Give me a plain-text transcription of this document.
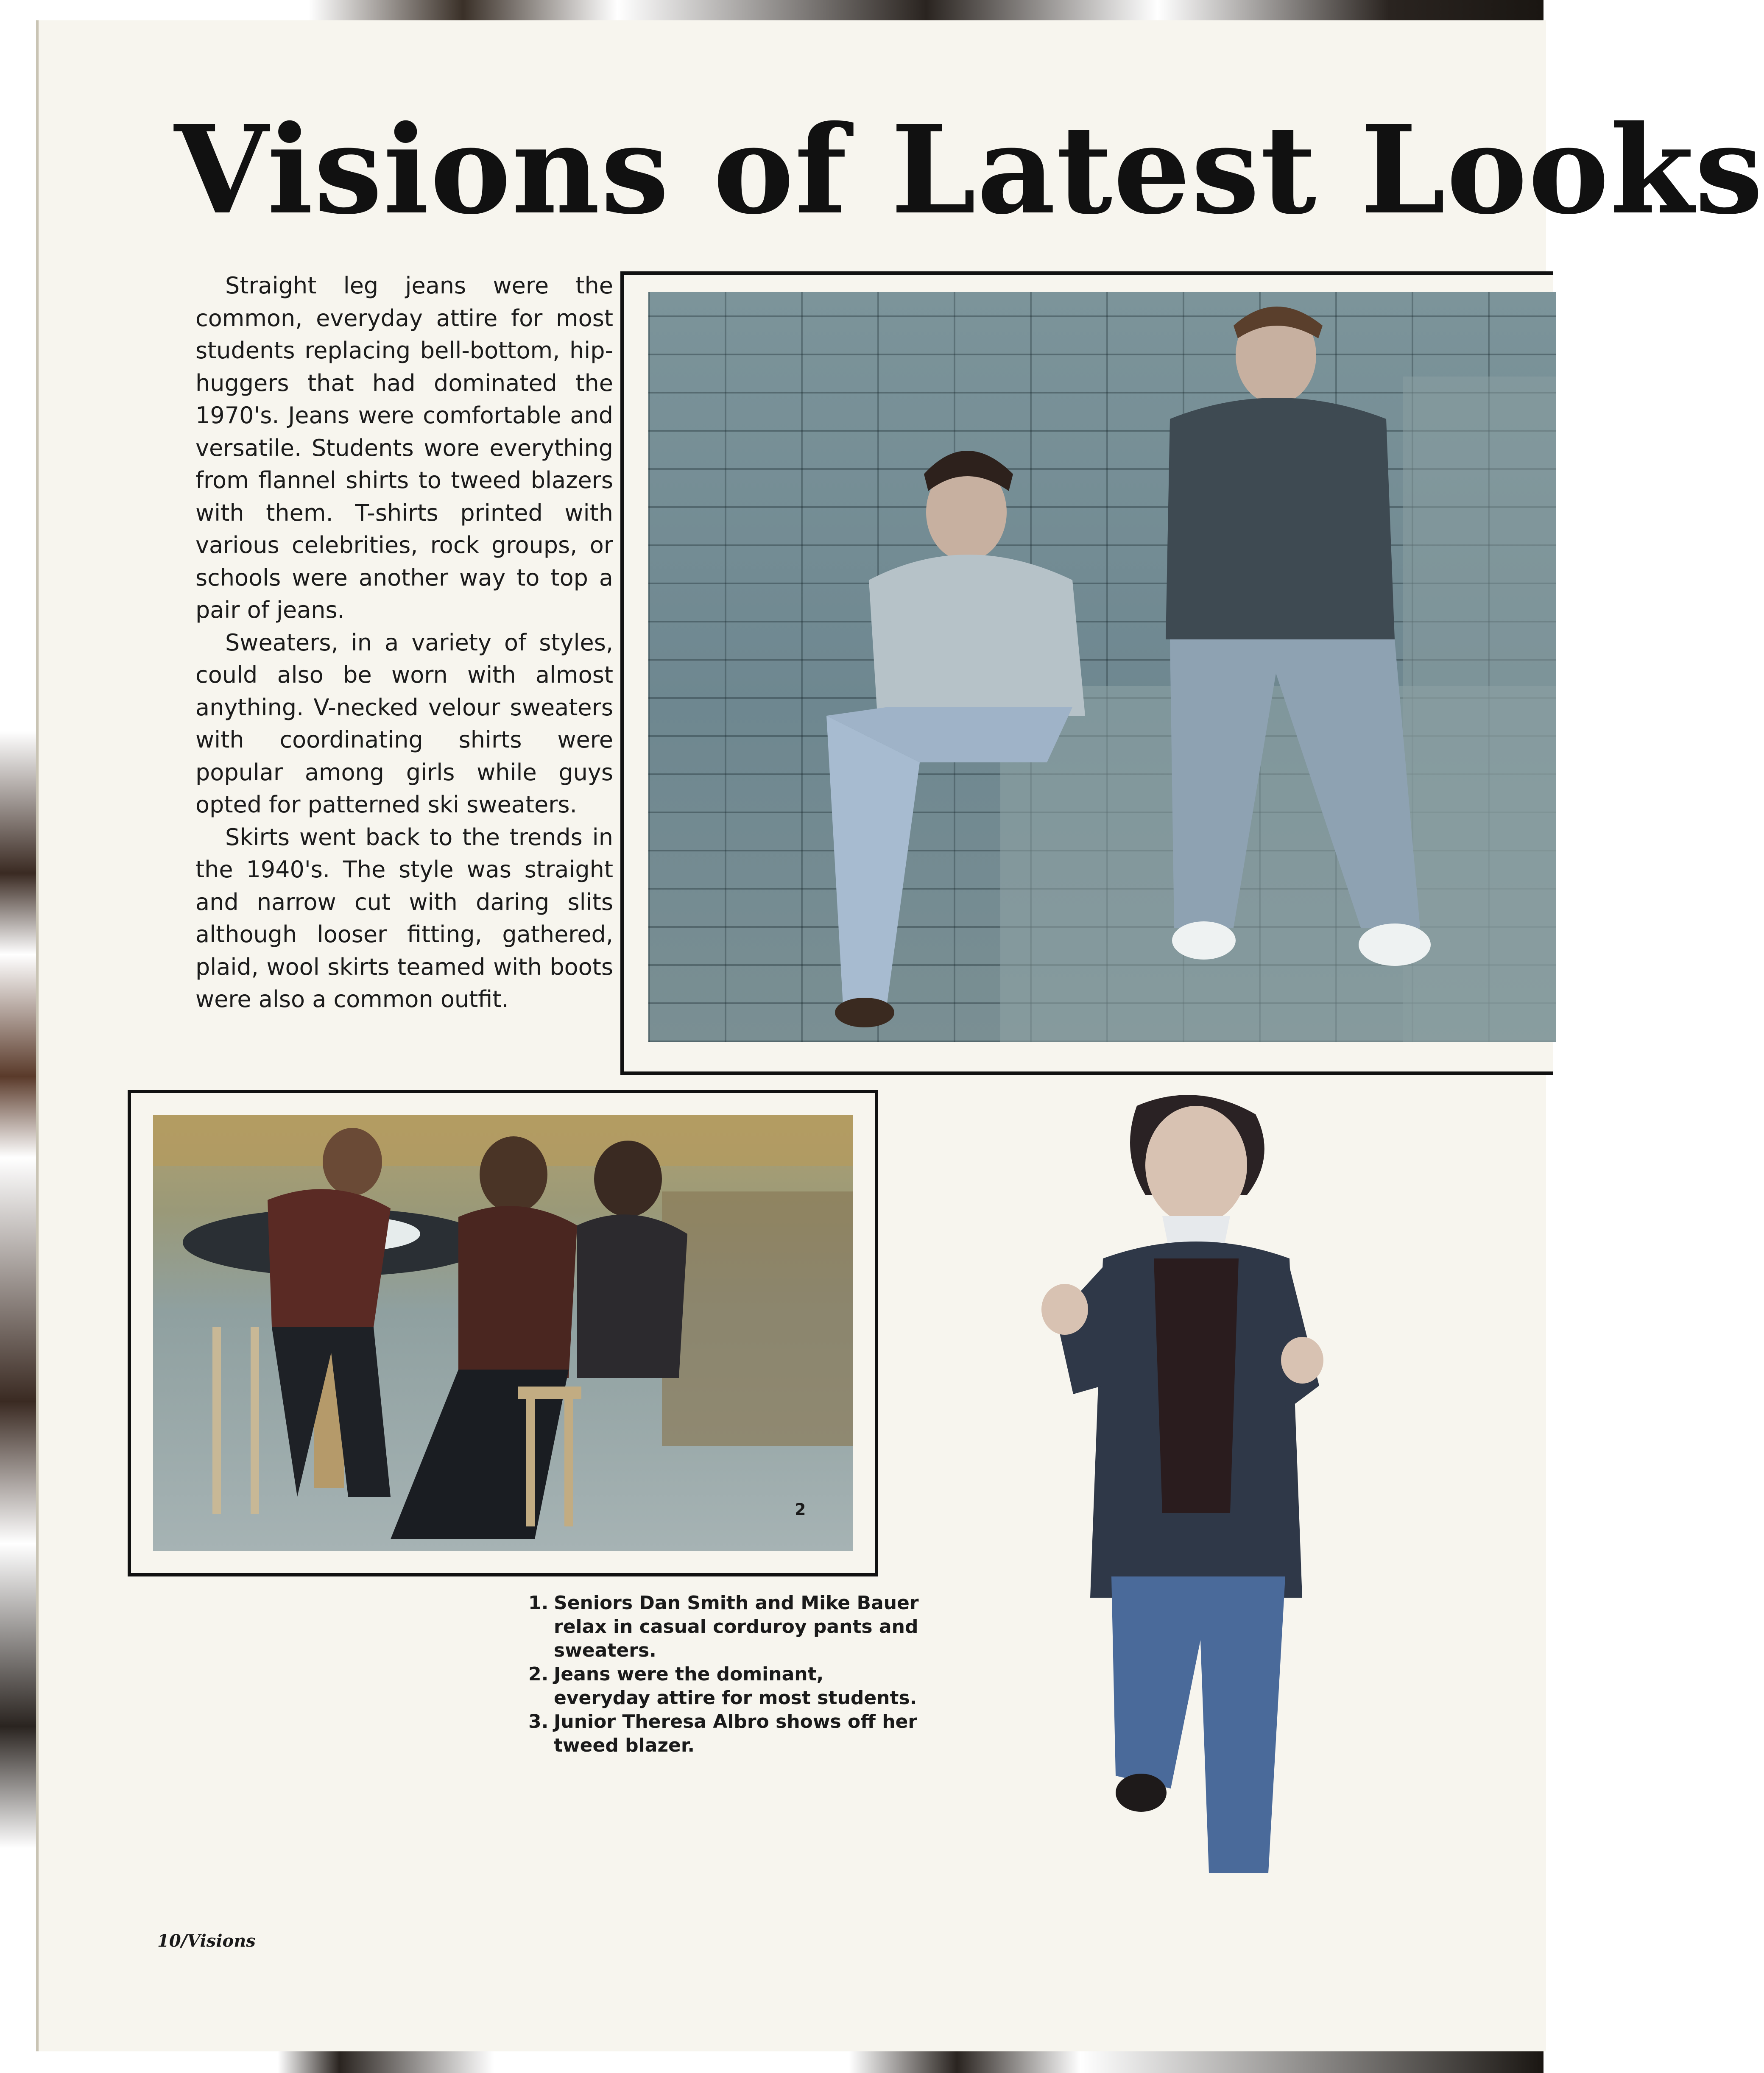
Visions of Latest Looks

Straight leg jeans were the common, everyday attire for most students replacing bell-bottom, hip-huggers that had dominated the 1970's. Jeans were comfortable and versatile. Students wore everything from flannel shirts to tweed blazers with them. T-shirts printed with various celebrities, rock groups, or schools were another way to top a pair of jeans.

Sweaters, in a variety of styles, could also be worn with almost anything. V-necked velour sweaters with coordinating shirts were popular among girls while guys opted for patterned ski sweaters.

Skirts went back to the trends in the 1940's. The style was straight and narrow cut with daring slits although looser fitting, gathered, plaid, wool skirts teamed with boots were also a common outfit.

2
1. Seniors Dan Smith and Mike Bauer relax in casual corduroy pants and sweaters.
2. Jeans were the dominant, everyday attire for most students.
3. Junior Theresa Albro shows off her tweed blazer.
10/Visions
